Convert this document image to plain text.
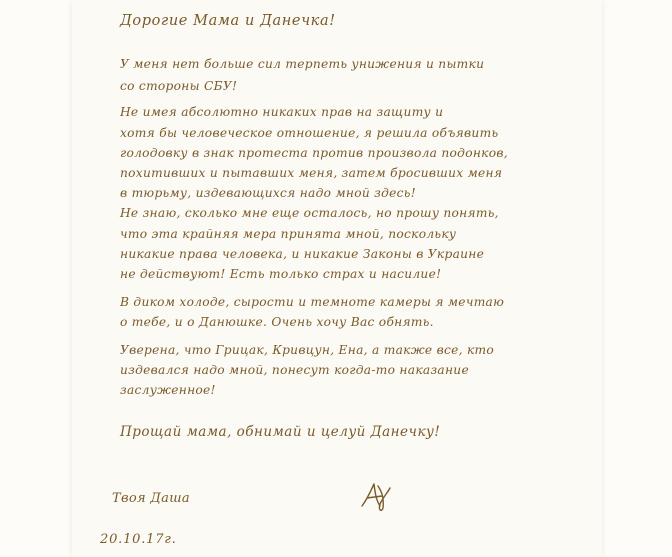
Дорогие Мама и Данечка!
У меня нет больше сил терпеть унижения и пытки
со стороны СБУ!
Не имея абсолютно никаких прав на защиту и
хотя бы человеческое отношение, я решила объявить
голодовку в знак протеста против произвола подонков,
похитивших и пытавших меня, затем бросивших меня
в тюрьму, издевающихся надо мной здесь!
Не знаю, сколько мне еще осталось, но прошу понять,
что эта крайняя мера принята мной, поскольку
никакие права человека, и никакие Законы в Украине
не действуют! Есть только страх и насилие!
В диком холоде, сырости и темноте камеры я мечтаю
о тебе, и о Данюшке. Очень хочу Вас обнять.
Уверена, что Грицак, Кривцун, Ена, а также все, кто
издевался надо мной, понесут когда-то наказание
заслуженное!
Прощай мама, обнимай и целуй Данечку!
Твоя Даша
20.10.17г.
